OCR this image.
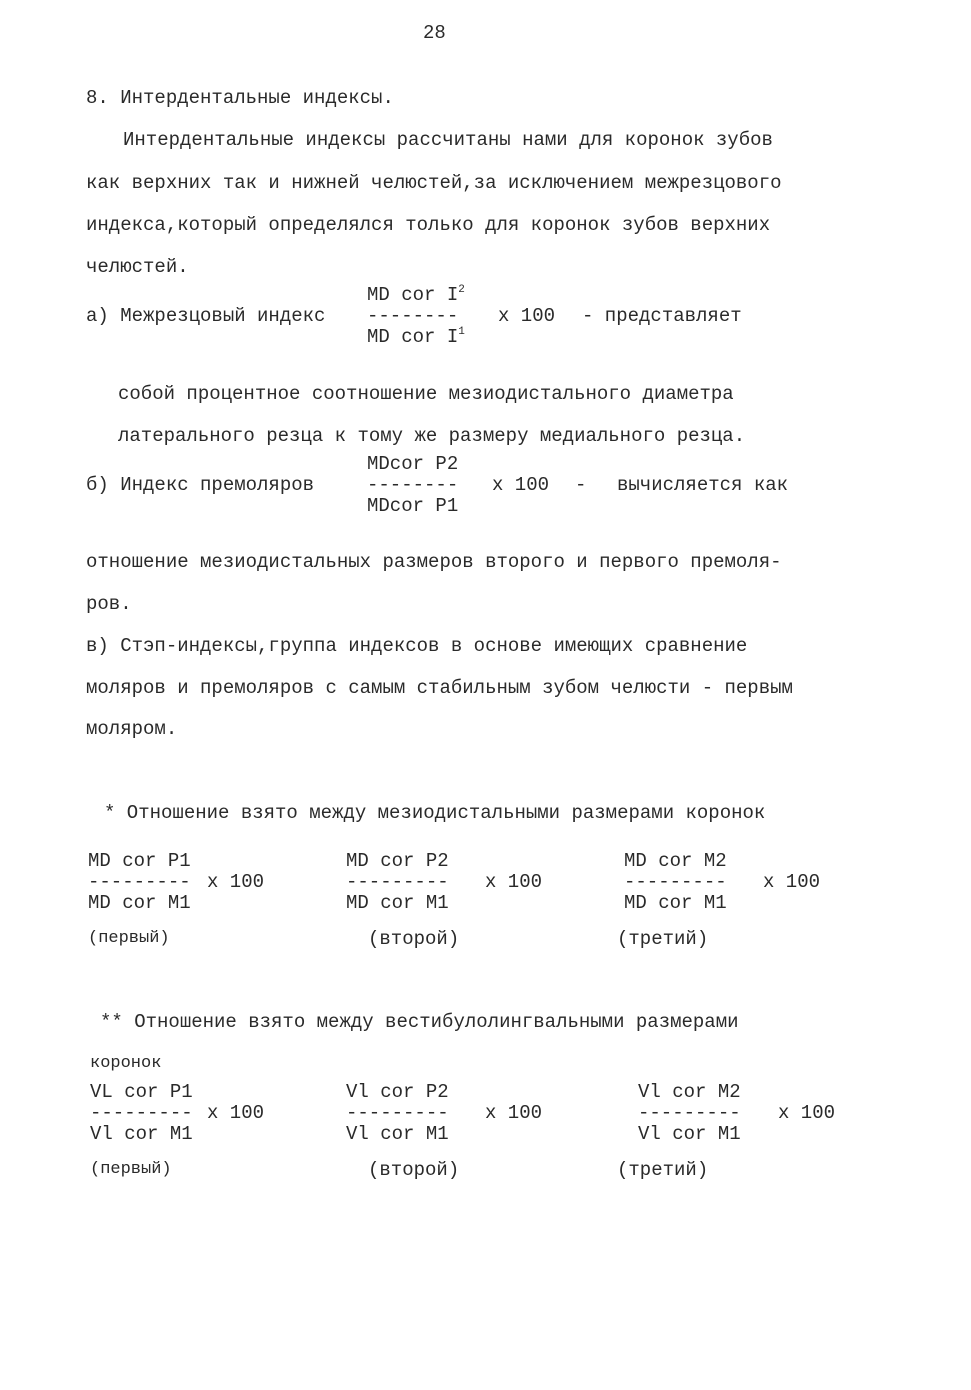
28
8. Интердентальные индексы.
Интердентальные индексы рассчитаны нами для коронок зубов
как верхних так и нижней челюстей,за исключением межрезцового
индекса,который определялся только для коронок зубов верхних
челюстей.
MD cor $I^2$
а) Межрезцовый индекс -------- x 100 - представляет
MD cor $I^1$
собой процентное соотношение мезиодистального диаметра
латерального резца к тому же размеру медиального резца.
MDcor P2
б) Индекс премоляров	-------- x 100 - вычисляется как
MDcor P1
отношение мезиодистальных размеров второго и первого премоля-
ров.
в) Стэп-индексы,группа индексов в основе имеющих сравнение
моляров и премоляров с самым стабильным зубом челюсти - первым
моляром.
* Отношение взято между мезиодистальными размерами коронок
MD cor P1
--------- x 100
MD cor M1
(первый)
MD cor P2
--------- x 100
MD cor M1
(второй)
MD cor M2
--------- x 100
MD cor M1
(третий)
** Отношение взято между вестибулолингвальными размерами
коронок
VL cor P1
--------- x 100
Vl cor M1
(первый)
Vl cor P2
--------- x 100
Vl cor M1
(второй)
Vl cor M2
--------- x 100
Vl cor M1
(третий)
